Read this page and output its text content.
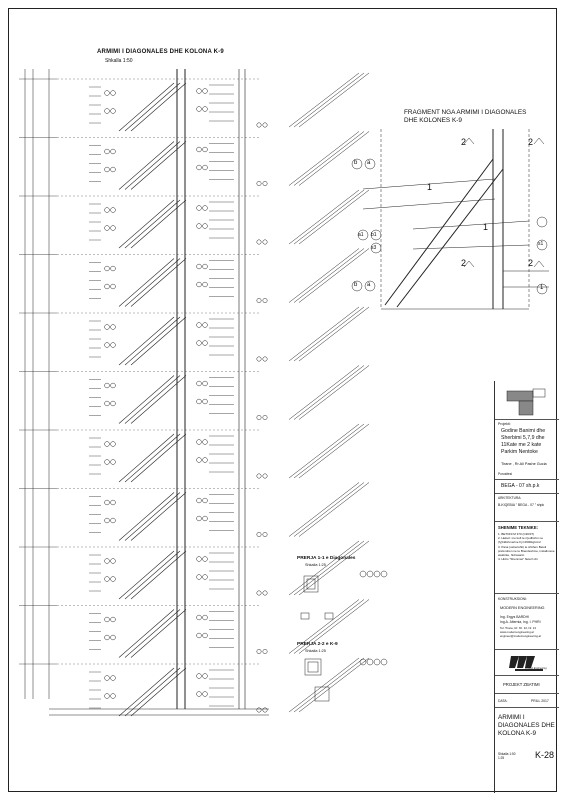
ARMIMI I DIAGONALES DHE KOLONA K-9
Shkalla 1:50
FRAGMENT NGA ARMIMI I DIAGONALES
DHE KOLONES K-9
2	2
1
1
2	2
b a
a1 b1
s3
b a
s1
1
PRERJA 1-1 e Diagonales
Shkalla 1:25
PRERJA 2-2 e K-9
Shkalla 1:25
Projekti:
Godine Banimi dhe
Sherbimi 5,7,9 dhe
11Kate me 2 kate
Parkim Nentoke
Tirane , Rr.Ali Pashe Gucia
Porositesi
BEGA - 07 sh.p.k
ARKITEKTURA:
B-KIQEBIA " BEGA - 07 " shpk
SHENIME TEKNIKE:
1. BETONI M 370 (C30/37)
2. Hekuri: me kufi te rrjedhshm ne
(fy)Ndshmerine Fy=4900kg/cm2
3. Pana (veberishti) te shtihen Betoli
preferohen ne te Brendeshme, instalimeve
elektrike, hidrosanit.
4. Hidro "Shenimet" fleta K-01
KONSTRUKSIONI:
MODERN ENGINEERING
Ing. Ergys BARDHI
Ing.A. Alternia, Ing. I. PHRI
Tel: Tirane, Rr. Xh. 32, Nr. 13
www.modernengineering.al
engineer@modernengineering.al
Modern Engineering
PROJEKT ZBATIMI
DATA:	PRILL 2017
ARMIMI I
DIAGONALES DHE
KOLONA K-9
Shkalla 1:50
1:25	K-28
